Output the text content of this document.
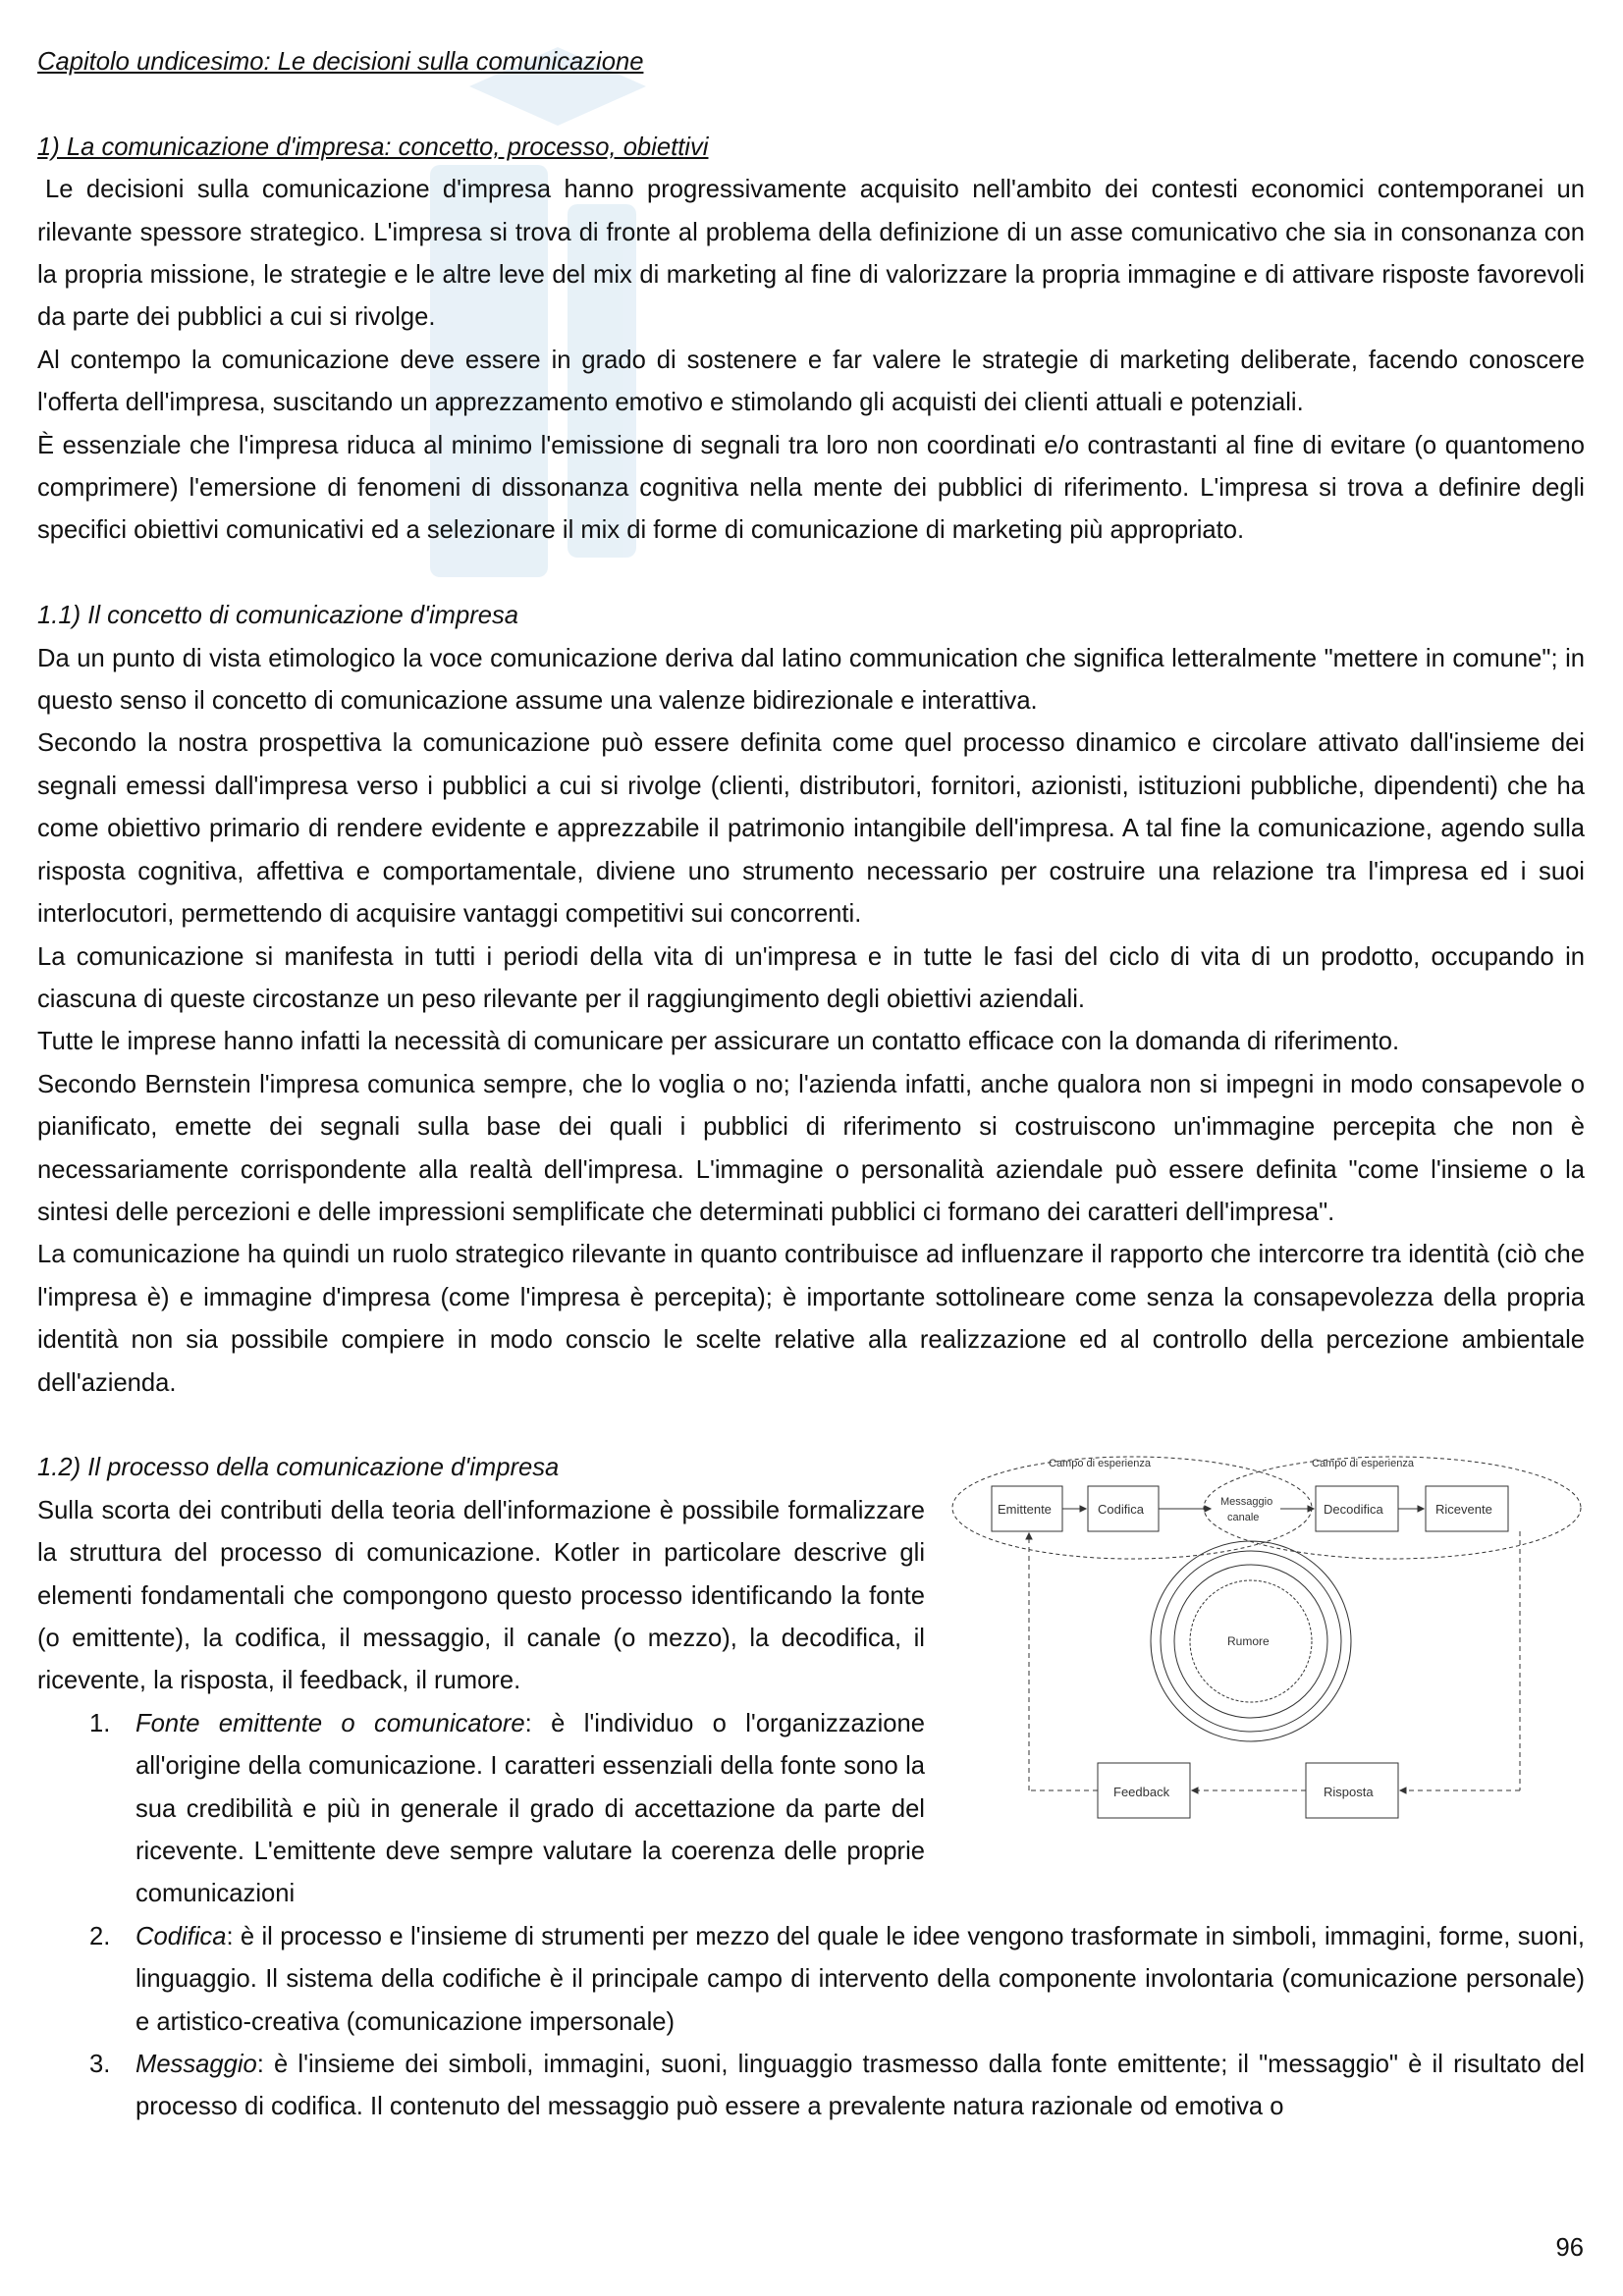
Capitolo undicesimo: Le decisioni sulla comunicazione

1) La comunicazione d'impresa: concetto, processo, obiettivi

Le decisioni sulla comunicazione d'impresa hanno progressivamente acquisito nell'ambito dei contesti economici contemporanei un rilevante spessore strategico. L'impresa si trova di fronte al problema della definizione di un asse comunicativo che sia in consonanza con la propria missione, le strategie e le altre leve del mix di marketing al fine di valorizzare la propria immagine e di attivare risposte favorevoli da parte dei pubblici a cui si rivolge.

Al contempo la comunicazione deve essere in grado di sostenere e far valere le strategie di marketing deliberate, facendo conoscere l'offerta dell'impresa, suscitando un apprezzamento emotivo e stimolando gli acquisti dei clienti attuali e potenziali.

È essenziale che l'impresa riduca al minimo l'emissione di segnali tra loro non coordinati e/o contrastanti al fine di evitare (o quantomeno comprimere) l'emersione di fenomeni di dissonanza cognitiva nella mente dei pubblici di riferimento. L'impresa si trova a definire degli specifici obiettivi comunicativi ed a selezionare il mix di forme di comunicazione di marketing più appropriato.

1.1) Il concetto di comunicazione d'impresa

Da un punto di vista etimologico la voce comunicazione deriva dal latino communication che significa letteralmente "mettere in comune"; in questo senso il concetto di comunicazione assume una valenze bidirezionale e interattiva.

Secondo la nostra prospettiva la comunicazione può essere definita come quel processo dinamico e circolare attivato dall'insieme dei segnali emessi dall'impresa verso i pubblici a cui si rivolge (clienti, distributori, fornitori, azionisti, istituzioni pubbliche, dipendenti) che ha come obiettivo primario di rendere evidente e apprezzabile il patrimonio intangibile dell'impresa. A tal fine la comunicazione, agendo sulla risposta cognitiva, affettiva e comportamentale, diviene uno strumento necessario per costruire una relazione tra l'impresa ed i suoi interlocutori, permettendo di acquisire vantaggi competitivi sui concorrenti.

La comunicazione si manifesta in tutti i periodi della vita di un'impresa e in tutte le fasi del ciclo di vita di un prodotto, occupando in ciascuna di queste circostanze un peso rilevante per il raggiungimento degli obiettivi aziendali.

Tutte le imprese hanno infatti la necessità di comunicare per assicurare un contatto efficace con la domanda di riferimento.

Secondo Bernstein l'impresa comunica sempre, che lo voglia o no; l'azienda infatti, anche qualora non si impegni in modo consapevole o pianificato, emette dei segnali sulla base dei quali i pubblici di riferimento si costruiscono un'immagine percepita che non è necessariamente corrispondente alla realtà dell'impresa. L'immagine o personalità aziendale può essere definita "come l'insieme o la sintesi delle percezioni e delle impressioni semplificate che determinati pubblici ci formano dei caratteri dell'impresa".

La comunicazione ha quindi un ruolo strategico rilevante in quanto contribuisce ad influenzare il rapporto che intercorre tra identità (ciò che l'impresa è) e immagine d'impresa (come l'impresa è percepita); è importante sottolineare come senza la consapevolezza della propria identità non sia possibile compiere in modo conscio le scelte relative alla realizzazione ed al controllo della percezione ambientale dell'azienda.

Campo di esperienza	Campo di esperienza
Emittente	Codifica	Messaggio
canale
Decodifica	Ricevente
Rumore
Feedback	Risposta

1.2) Il processo della comunicazione d'impresa

Sulla scorta dei contributi della teoria dell'informazione è possibile formalizzare la struttura del processo di comunicazione. Kotler in particolare descrive gli elementi fondamentali che compongono questo processo identificando la fonte (o emittente), la codifica, il messaggio, il canale (o mezzo), la decodifica, il ricevente, la risposta, il feedback, il rumore.

1. Fonte emittente o comunicatore: è l'individuo o l'organizzazione all'origine della comunicazione. I caratteri essenziali della fonte sono la sua credibilità e più in generale il grado di accettazione da parte del ricevente. L'emittente deve sempre valutare la coerenza delle proprie comunicazioni
2. Codifica: è il processo e l'insieme di strumenti per mezzo del quale le idee vengono trasformate in simboli, immagini, forme, suoni, linguaggio. Il sistema della codifiche è il principale campo di intervento della componente involontaria (comunicazione personale) e artistico-creativa (comunicazione impersonale)
3. Messaggio: è l'insieme dei simboli, immagini, suoni, linguaggio trasmesso dalla fonte emittente; il "messaggio" è il risultato del processo di codifica. Il contenuto del messaggio può essere a prevalente natura razionale od emotiva o
96
